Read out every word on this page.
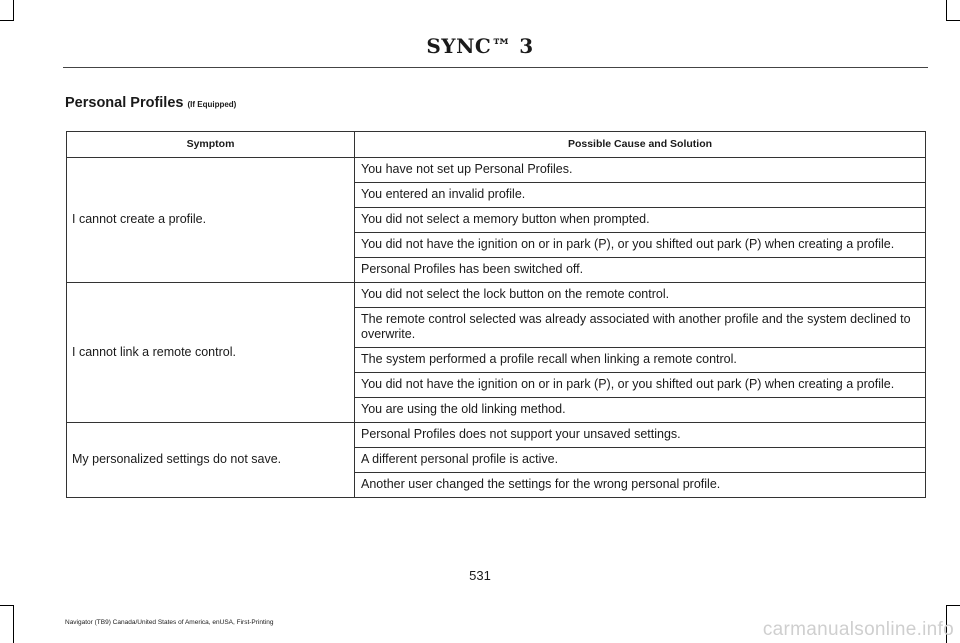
SYNC™ 3
Personal Profiles (If Equipped)
Symptom	Possible Cause and Solution
I cannot create a profile.	You have not set up Personal Profiles.
	You entered an invalid profile.
	You did not select a memory button when prompted.
	You did not have the ignition on or in park (P), or you shifted out park (P) when creating a profile.
	Personal Profiles has been switched off.
I cannot link a remote control.	You did not select the lock button on the remote control.
	The remote control selected was already associated with another profile and the system declined to overwrite.
	The system performed a profile recall when linking a remote control.
	You did not have the ignition on or in park (P), or you shifted out park (P) when creating a profile.
	You are using the old linking method.
My personalized settings do not save.	Personal Profiles does not support your unsaved settings.
	A different personal profile is active.
	Another user changed the settings for the wrong personal profile.
531
Navigator (TB9) Canada/United States of America, enUSA, First-Printing	carmanualsonline.info
